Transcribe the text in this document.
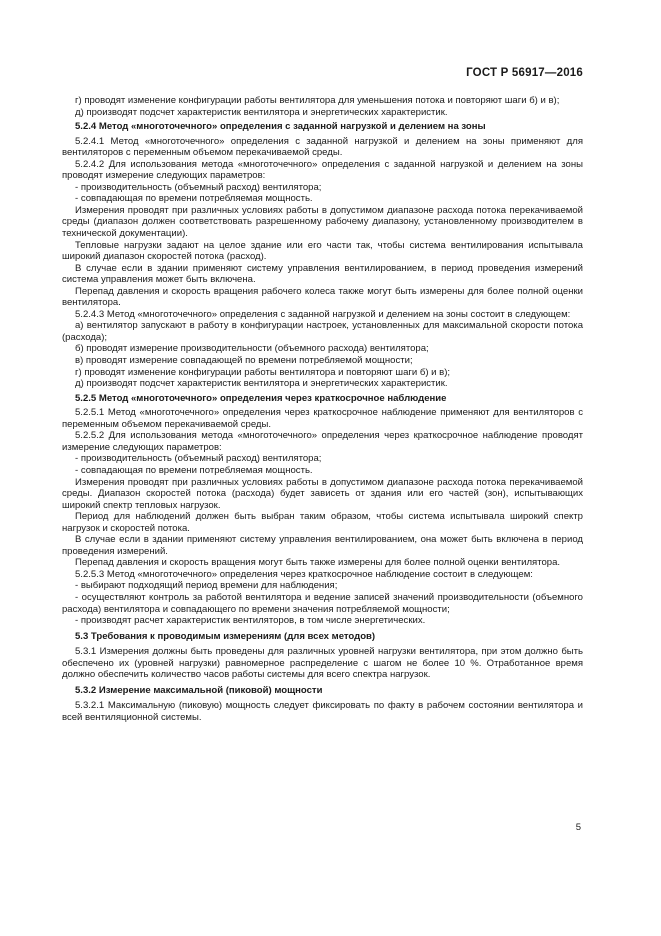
ГОСТ Р 56917—2016

г) проводят изменение конфигурации работы вентилятора для уменьшения потока и повторяют шаги б) и в);

д) производят подсчет характеристик вентилятора и энергетических характеристик.

5.2.4 Метод «многоточечного» определения с заданной нагрузкой и делением на зоны

5.2.4.1 Метод «многоточечного» определения с заданной нагрузкой и делением на зоны применяют для вентиляторов с переменным объемом перекачиваемой среды.

5.2.4.2 Для использования метода «многоточечного» определения с заданной нагрузкой и делением на зоны проводят измерение следующих параметров:

- производительность (объемный расход) вентилятора;

- совпадающая по времени потребляемая мощность.

Измерения проводят при различных условиях работы в допустимом диапазоне расхода потока перекачиваемой среды (диапазон должен соответствовать разрешенному рабочему диапазону, установленному производителем в технической документации).

Тепловые нагрузки задают на целое здание или его части так, чтобы система вентилирования испытывала широкий диапазон скоростей потока (расход).

В случае если в здании применяют систему управления вентилированием, в период проведения измерений система управления может быть включена.

Перепад давления и скорость вращения рабочего колеса также могут быть измерены для более полной оценки вентилятора.

5.2.4.3 Метод «многоточечного» определения с заданной нагрузкой и делением на зоны состоит в следующем:

а) вентилятор запускают в работу в конфигурации настроек, установленных для максимальной скорости потока (расхода);

б) проводят измерение производительности (объемного расхода) вентилятора;

в) проводят измерение совпадающей по времени потребляемой мощности;

г) проводят изменение конфигурации работы вентилятора и повторяют шаги б) и в);

д) производят подсчет характеристик вентилятора и энергетических характеристик.

5.2.5 Метод «многоточечного» определения через краткосрочное наблюдение

5.2.5.1 Метод «многоточечного» определения через краткосрочное наблюдение применяют для вентиляторов с переменным объемом перекачиваемой среды.

5.2.5.2 Для использования метода «многоточечного» определения через краткосрочное наблюдение проводят измерение следующих параметров:

- производительность (объемный расход) вентилятора;

- совпадающая по времени потребляемая мощность.

Измерения проводят при различных условиях работы в допустимом диапазоне расхода потока перекачиваемой среды. Диапазон скоростей потока (расхода) будет зависеть от здания или его частей (зон), испытывающих широкий спектр тепловых нагрузок.

Период для наблюдений должен быть выбран таким образом, чтобы система испытывала широкий спектр нагрузок и скоростей потока.

В случае если в здании применяют систему управления вентилированием, она может быть включена в период проведения измерений.

Перепад давления и скорость вращения могут быть также измерены для более полной оценки вентилятора.

5.2.5.3 Метод «многоточечного» определения через краткосрочное наблюдение состоит в следующем:

- выбирают подходящий период времени для наблюдения;

- осуществляют контроль за работой вентилятора и ведение записей значений производительности (объемного расхода) вентилятора и совпадающего по времени значения потребляемой мощности;

- производят расчет характеристик вентиляторов, в том числе энергетических.

5.3 Требования к проводимым измерениям (для всех методов)

5.3.1 Измерения должны быть проведены для различных уровней нагрузки вентилятора, при этом должно быть обеспечено их (уровней нагрузки) равномерное распределение с шагом не более 10 %. Отработанное время должно обеспечить количество часов работы системы для всего спектра нагрузок.

5.3.2 Измерение максимальной (пиковой) мощности

5.3.2.1 Максимальную (пиковую) мощность следует фиксировать по факту в рабочем состоянии вентилятора и всей вентиляционной системы.

5
